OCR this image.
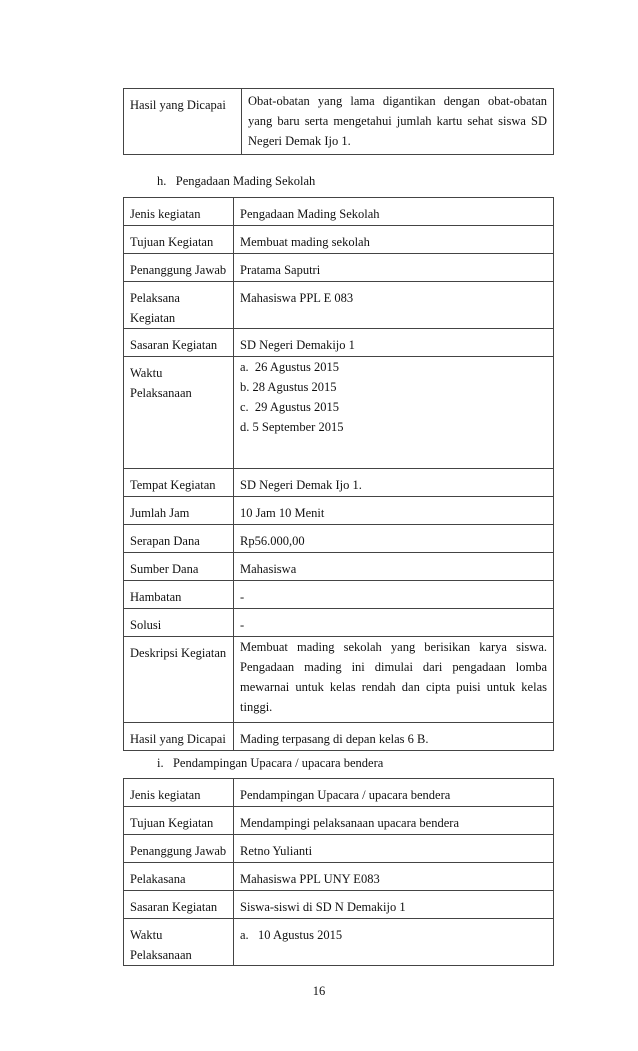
Hasil yang Dicapai	Obat-obatan yang lama digantikan dengan obat-obatan yang baru serta mengetahui jumlah kartu sehat siswa SD Negeri Demak Ijo 1.
h.   Pengadaan Mading Sekolah
Jenis kegiatan	Pengadaan Mading Sekolah
Tujuan Kegiatan	Membuat mading sekolah
Penanggung Jawab	Pratama Saputri
Pelaksana Kegiatan	Mahasiswa PPL E 083
Sasaran Kegiatan	SD Negeri Demakijo 1
Waktu Pelaksanaan	a.  26 Agustus 2015
b. 28 Agustus 2015
c.  29 Agustus 2015
d. 5 September 2015

Tempat Kegiatan	SD Negeri Demak Ijo 1.
Jumlah Jam	10 Jam 10 Menit
Serapan Dana	Rp56.000,00
Sumber Dana	Mahasiswa
Hambatan	-
Solusi	-
Deskripsi Kegiatan	Membuat mading sekolah yang berisikan karya siswa. Pengadaan mading ini dimulai dari pengadaan lomba mewarnai untuk kelas rendah dan cipta puisi untuk kelas tinggi.
Hasil yang Dicapai	Mading terpasang di depan kelas 6 B.
i.   Pendampingan Upacara / upacara bendera
Jenis kegiatan	Pendampingan Upacara / upacara bendera
Tujuan Kegiatan	Mendampingi pelaksanaan upacara bendera
Penanggung Jawab	Retno Yulianti
Pelakasana	Mahasiswa PPL UNY E083
Sasaran Kegiatan	Siswa-siswi di SD N Demakijo 1
Waktu Pelaksanaan	a.   10 Agustus 2015
16
